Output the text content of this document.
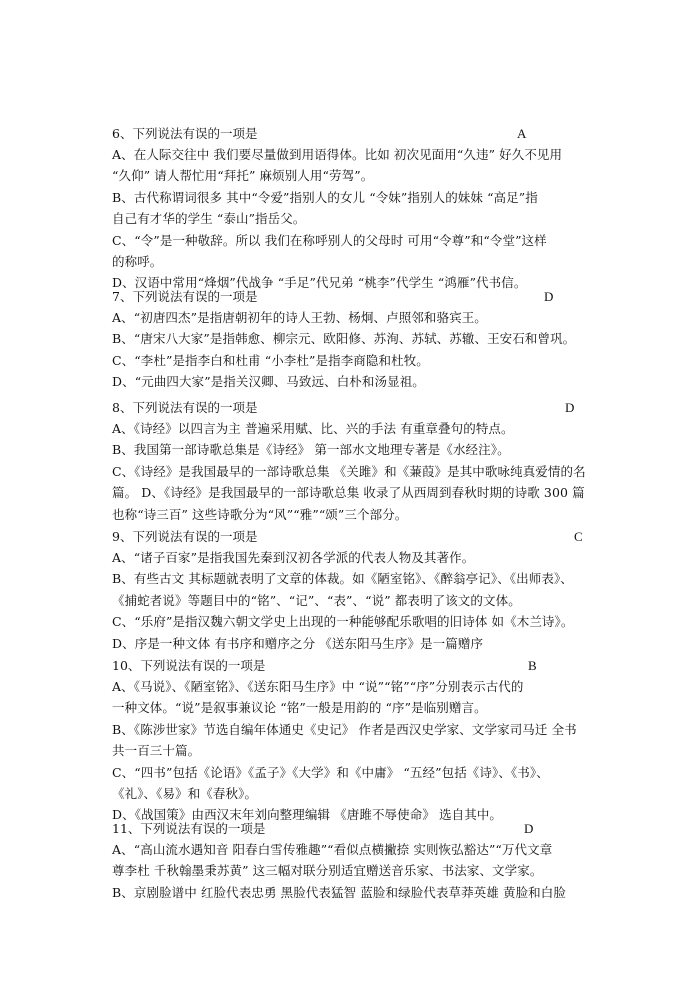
6、下列说法有误的一项是	A
A、在人际交往中 我们要尽量做到用语得体。比如 初次见面用“久违” 好久不见用
“久仰” 请人帮忙用“拜托” 麻烦别人用“劳驾”。
B、古代称谓词很多 其中“令爱”指别人的女儿 “令妹”指别人的妹妹 “高足”指
自己有才华的学生 “泰山”指岳父。
C、“令”是一种敬辞。所以 我们在称呼别人的父母时 可用“令尊”和“令堂”这样
的称呼。
D、汉语中常用“烽烟”代战争 “手足”代兄弟 “桃李”代学生 “鸿雁”代书信。
7、下列说法有误的一项是	D
A、“初唐四杰”是指唐朝初年的诗人王勃、杨炯、卢照邻和骆宾王。
B、“唐宋八大家”是指韩愈、柳宗元、欧阳修、苏洵、苏轼、苏辙、王安石和曾巩。
C、“李杜”是指李白和杜甫 “小李杜”是指李商隐和杜牧。
D、“元曲四大家”是指关汉卿、马致远、白朴和汤显祖。
8、下列说法有误的一项是	D
A、《诗经》以四言为主 普遍采用赋、比、兴的手法 有重章叠句的特点。
B、我国第一部诗歌总集是《诗经》 第一部水文地理专著是《水经注》。
C、《诗经》是我国最早的一部诗歌总集 《关雎》和《蒹葭》是其中歌咏纯真爱情的名
篇。 D、《诗经》是我国最早的一部诗歌总集 收录了从西周到春秋时期的诗歌 300 篇
也称“诗三百” 这些诗歌分为“风”“雅”“颂”三个部分。
9、下列说法有误的一项是	C
A、“诸子百家”是指我国先秦到汉初各学派的代表人物及其著作。
B、有些古文 其标题就表明了文章的体裁。如《陋室铭》、《醉翁亭记》、《出师表》、
《捕蛇者说》等题目中的“铭”、“记”、“表”、“说” 都表明了该文的文体。
C、“乐府”是指汉魏六朝文学史上出现的一种能够配乐歌唱的旧诗体 如《木兰诗》。
D、序是一种文体 有书序和赠序之分 《送东阳马生序》是一篇赠序
10、下列说法有误的一项是	B
A、《马说》、《陋室铭》、《送东阳马生序》中 “说”“铭”“序”分别表示古代的
一种文体。“说”是叙事兼议论 “铭”一般是用韵的 “序”是临别赠言。
B、《陈涉世家》节选自编年体通史《史记》 作者是西汉史学家、文学家司马迁 全书
共一百三十篇。
C、“四书”包括《论语》《孟子》《大学》和《中庸》 “五经”包括《诗》、《书》、
《礼》、《易》和《春秋》。
D、《战国策》由西汉末年刘向整理编辑 《唐雎不辱使命》 选自其中。
11、下列说法有误的一项是	D
A、“高山流水遇知音 阳春白雪传雅趣”“看似点横撇捺 实则恢弘豁达”“万代文章
尊李杜 千秋翰墨秉苏黄” 这三幅对联分别适宜赠送音乐家、书法家、文学家。
B、京剧脸谱中 红脸代表忠勇 黑脸代表猛智 蓝脸和绿脸代表草莽英雄 黄脸和白脸
